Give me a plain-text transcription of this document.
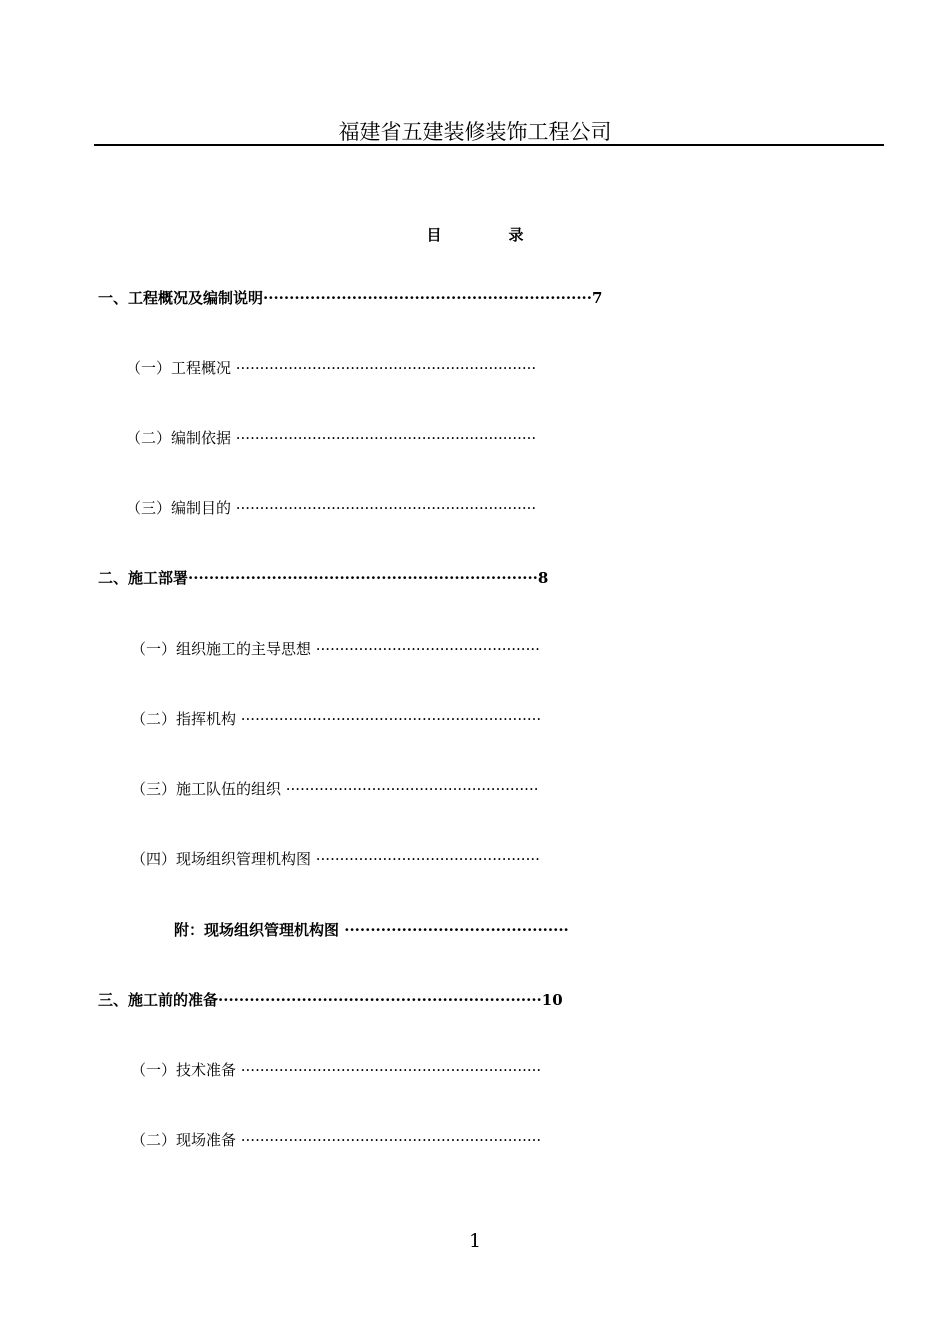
福建省五建装修装饰工程公司
目　录
一、工程概况及编制说明·······························································7
（一）工程概况 ·······························································
（二）编制依据 ·······························································
（三）编制目的 ·······························································
二、施工部署···································································8
（一）组织施工的主导思想 ···············································
（二）指挥机构 ·······························································
（三）施工队伍的组织 ·····················································
（四）现场组织管理机构图 ···············································
附：现场组织管理机构图 ···········································
三、施工前的准备······························································10
（一）技术准备 ·······························································
（二）现场准备 ·······························································
1
